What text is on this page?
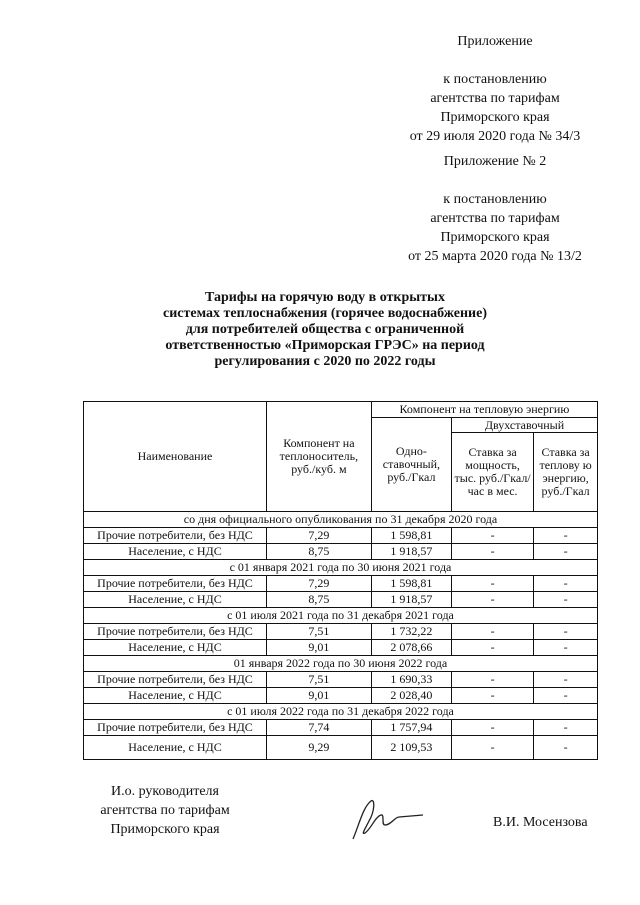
Приложение
к постановлению
агентства по тарифам
Приморского края
от 29 июля 2020 года № 34/3
Приложение № 2
к постановлению
агентства по тарифам
Приморского края
от 25 марта 2020 года № 13/2
Тарифы на горячую воду в открытых
системах теплоснабжения (горячее водоснабжение)
для потребителей общества с ограниченной
ответственностью «Приморская ГРЭС» на период
регулирования с 2020 по 2022 годы
Наименование	Компонент на теплоноситель, руб./куб. м	Компонент на тепловую энергию		
		Одно-ставочный, руб./Гкал	Двухставочный	
			Ставка за мощность, тыс. руб./Гкал/час в мес.	Ставка за теплову ю энергию, руб./Гкал
со дня официального опубликования по 31 декабря 2020 года				
Прочие потребители, без НДС	7,29	1 598,81	-	-
Население, с НДС	8,75	1 918,57	-	-
с 01 января 2021 года по 30 июня 2021 года				
Прочие потребители, без НДС	7,29	1 598,81	-	-
Население, с НДС	8,75	1 918,57	-	-
с 01 июля 2021 года по 31 декабря 2021 года				
Прочие потребители, без НДС	7,51	1 732,22	-	-
Население, с НДС	9,01	2 078,66	-	-
01 января 2022 года по 30 июня 2022 года				
Прочие потребители, без НДС	7,51	1 690,33	-	-
Население, с НДС	9,01	2 028,40	-	-
с 01 июля 2022 года по 31 декабря 2022 года				
Прочие потребители, без НДС	7,74	1 757,94	-	-
Население, с НДС	9,29	2 109,53	-	-
И.о. руководителя
агентства по тарифам
Приморского края	В.И. Мосензова
